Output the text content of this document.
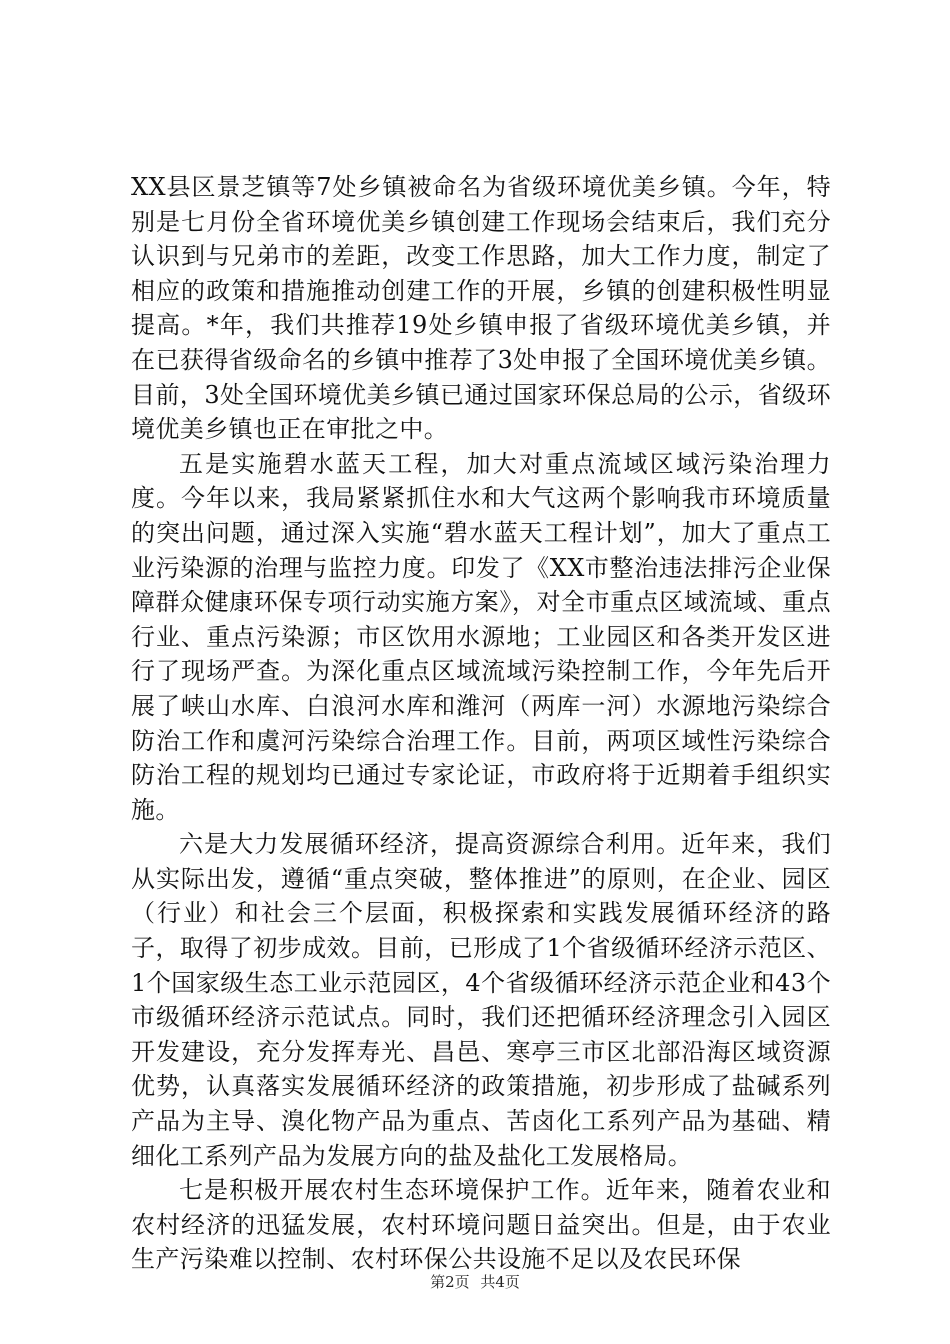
XX县区景芝镇等7处乡镇被命名为省级环境优美乡镇。今年，特别是七月份全省环境优美乡镇创建工作现场会结束后，我们充分认识到与兄弟市的差距，改变工作思路，加大工作力度，制定了相应的政策和措施推动创建工作的开展，乡镇的创建积极性明显提高。*年，我们共推荐19处乡镇申报了省级环境优美乡镇，并在已获得省级命名的乡镇中推荐了3处申报了全国环境优美乡镇。目前，3处全国环境优美乡镇已通过国家环保总局的公示，省级环境优美乡镇也正在审批之中。

五是实施碧水蓝天工程，加大对重点流域区域污染治理力度。今年以来，我局紧紧抓住水和大气这两个影响我市环境质量的突出问题，通过深入实施“碧水蓝天工程计划”，加大了重点工业污染源的治理与监控力度。印发了《XX市整治违法排污企业保障群众健康环保专项行动实施方案》，对全市重点区域流域、重点行业、重点污染源；市区饮用水源地；工业园区和各类开发区进行了现场严查。为深化重点区域流域污染控制工作，今年先后开展了峡山水库、白浪河水库和潍河（两库一河）水源地污染综合防治工作和虞河污染综合治理工作。目前，两项区域性污染综合防治工程的规划均已通过专家论证，市政府将于近期着手组织实施。

六是大力发展循环经济，提高资源综合利用。近年来，我们从实际出发，遵循“重点突破，整体推进”的原则，在企业、园区（行业）和社会三个层面，积极探索和实践发展循环经济的路子，取得了初步成效。目前，已形成了1个省级循环经济示范区、1个国家级生态工业示范园区，4个省级循环经济示范企业和43个市级循环经济示范试点。同时，我们还把循环经济理念引入园区开发建设，充分发挥寿光、昌邑、寒亭三市区北部沿海区域资源优势，认真落实发展循环经济的政策措施，初步形成了盐碱系列产品为主导、溴化物产品为重点、苦卤化工系列产品为基础、精细化工系列产品为发展方向的盐及盐化工发展格局。

七是积极开展农村生态环境保护工作。近年来，随着农业和农村经济的迅猛发展，农村环境问题日益突出。但是，由于农业生产污染难以控制、农村环保公共设施不足以及农民环保

第2页 共4页
